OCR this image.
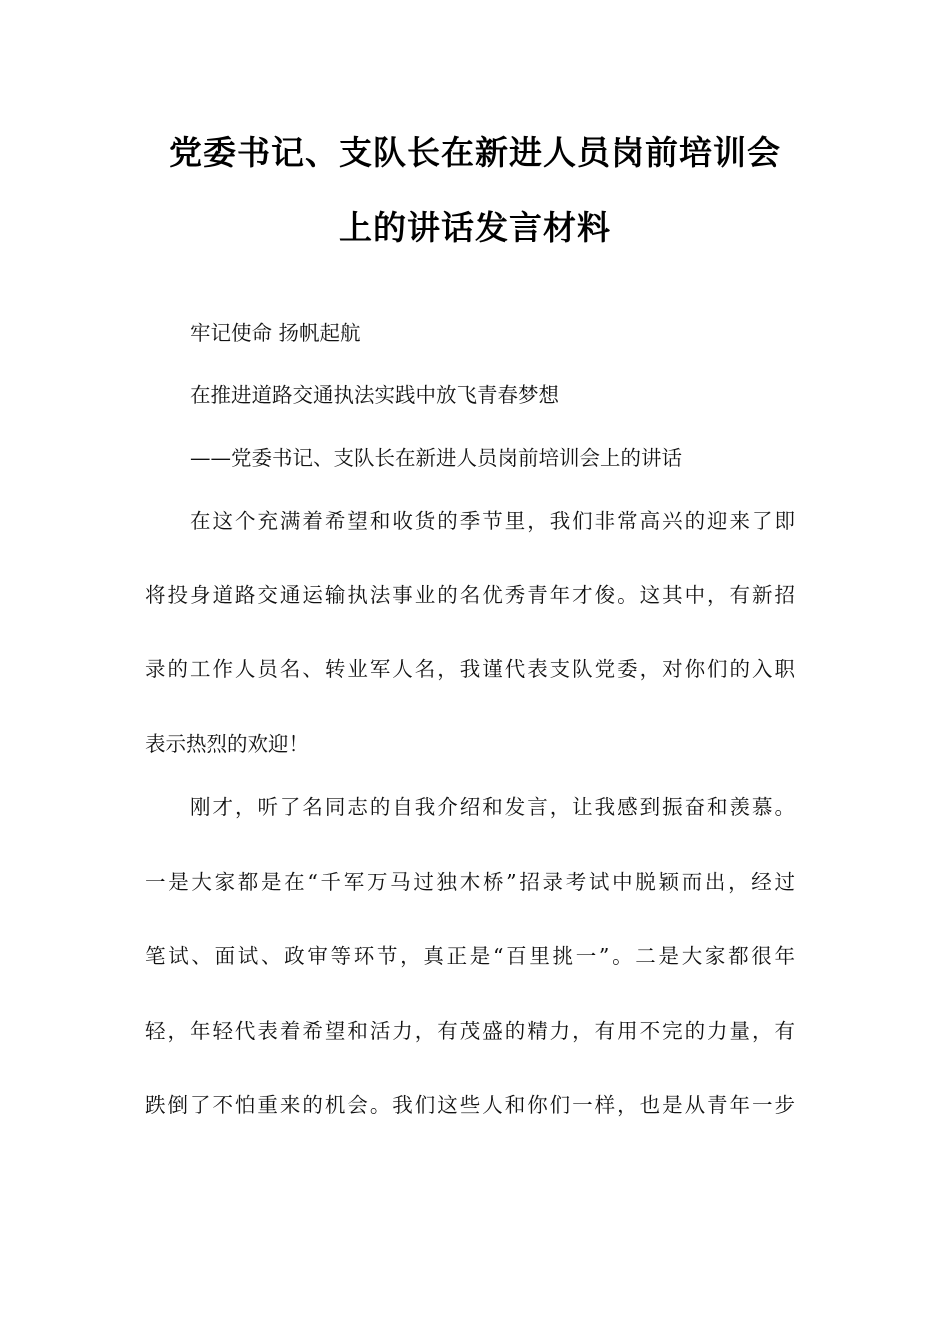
党委书记、支队长在新进人员岗前培训会
上的讲话发言材料
牢记使命 扬帆起航
在推进道路交通执法实践中放飞青春梦想
——党委书记、支队长在新进人员岗前培训会上的讲话
在这个充满着希望和收货的季节里，我们非常高兴的迎来了即
将投身道路交通运输执法事业的名优秀青年才俊。这其中，有新招
录的工作人员名、转业军人名，我谨代表支队党委，对你们的入职
表示热烈的欢迎！
刚才，听了名同志的自我介绍和发言，让我感到振奋和羡慕。
一是大家都是在“千军万马过独木桥”招录考试中脱颖而出，经过
笔试、面试、政审等环节，真正是“百里挑一”。二是大家都很年
轻，年轻代表着希望和活力，有茂盛的精力，有用不完的力量，有
跌倒了不怕重来的机会。我们这些人和你们一样，也是从青年一步
